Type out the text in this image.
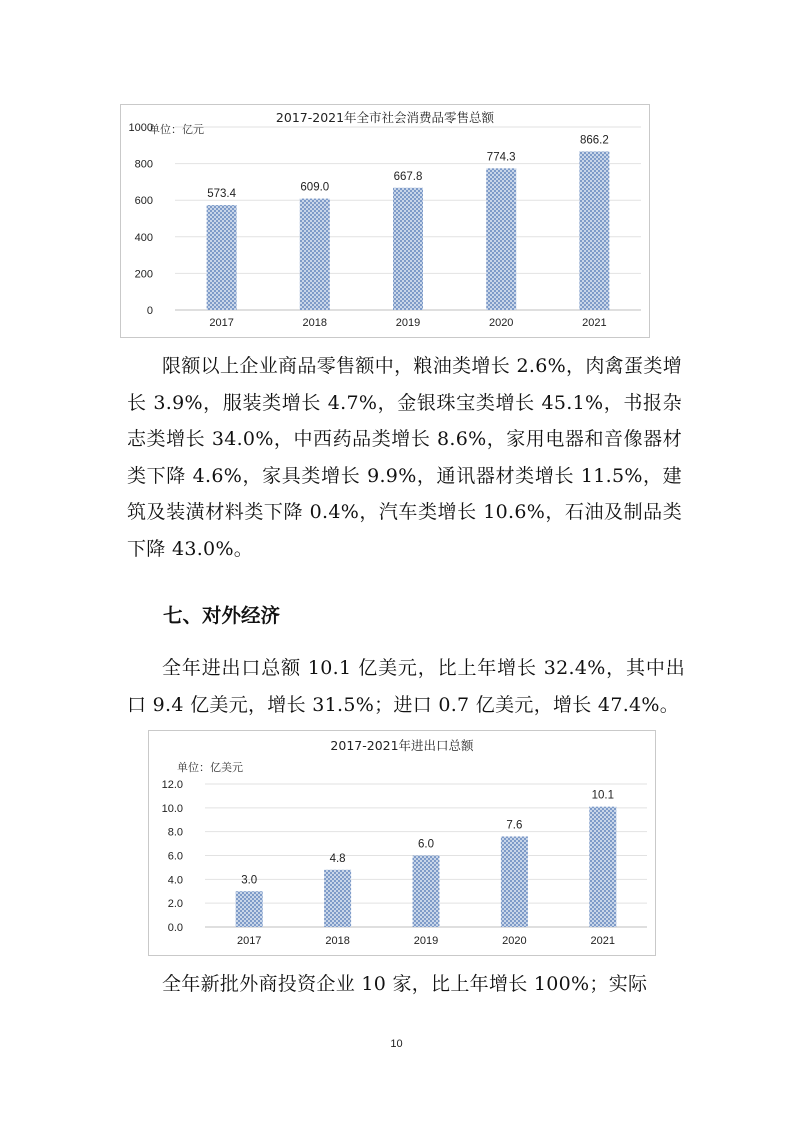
2017-2021年全市社会消费品零售总额
单位：亿元
0
200
400
600
800
1000
573.4
2017
609.0
2018
667.8
2019
774.3
2020
866.2
2021

限额以上企业商品零售额中，粮油类增长 2.6%，肉禽蛋类增长 3.9%，服装类增长 4.7%，金银珠宝类增长 45.1%，书报杂志类增长 34.0%，中西药品类增长 8.6%，家用电器和音像器材类下降 4.6%，家具类增长 9.9%，通讯器材类增长 11.5%，建筑及装潢材料类下降 0.4%，汽车类增长 10.6%，石油及制品类下降 43.0%。

七、对外经济

全年进出口总额 10.1 亿美元，比上年增长 32.4%，其中出口 9.4 亿美元，增长 31.5%；进口 0.7 亿美元，增长 47.4%。

2017-2021年进出口总额
单位：亿美元
0.0
2.0
4.0
6.0
8.0
10.0
12.0
3.0
2017
4.8
2018
6.0
2019
7.6
2020
10.1
2021

全年新批外商投资企业 10 家，比上年增长 100%；实际

10
